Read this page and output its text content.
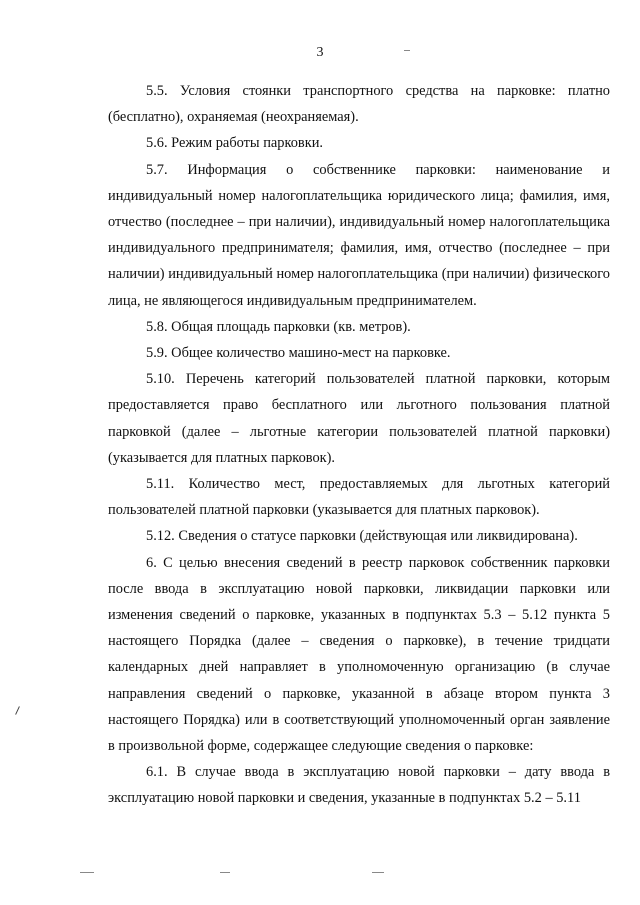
3

5.5. Условия стоянки транспортного средства на парковке: платно (бесплатно), охраняемая (неохраняемая).

5.6. Режим работы парковки.

5.7. Информация о собственнике парковки: наименование и индивидуальный номер налогоплательщика юридического лица; фамилия, имя, отчество (последнее – при наличии), индивидуальный номер налогоплательщика индивидуального предпринимателя; фамилия, имя, отчество (последнее – при наличии) индивидуальный номер налогоплательщика (при наличии) физического лица, не являющегося индивидуальным предпринимателем.

5.8. Общая площадь парковки (кв. метров).

5.9. Общее количество машино-мест на парковке.

5.10. Перечень категорий пользователей платной парковки, которым предоставляется право бесплатного или льготного пользования платной парковкой (далее – льготные категории пользователей платной парковки) (указывается для платных парковок).

5.11. Количество мест, предоставляемых для льготных категорий пользователей платной парковки (указывается для платных парковок).

5.12. Сведения о статусе парковки (действующая или ликвидирована).

6. С целью внесения сведений в реестр парковок собственник парковки после ввода в эксплуатацию новой парковки, ликвидации парковки или изменения сведений о парковке, указанных в подпунктах 5.3 – 5.12 пункта 5 настоящего Порядка (далее – сведения о парковке), в течение тридцати календарных дней направляет в уполномоченную организацию (в случае направления сведений о парковке, указанной в абзаце втором пункта 3 настоящего Порядка) или в соответствующий уполномоченный орган заявление в произвольной форме, содержащее следующие сведения о парковке:

6.1. В случае ввода в эксплуатацию новой парковки – дату ввода в эксплуатацию новой парковки и сведения, указанные в подпунктах 5.2 – 5.11
